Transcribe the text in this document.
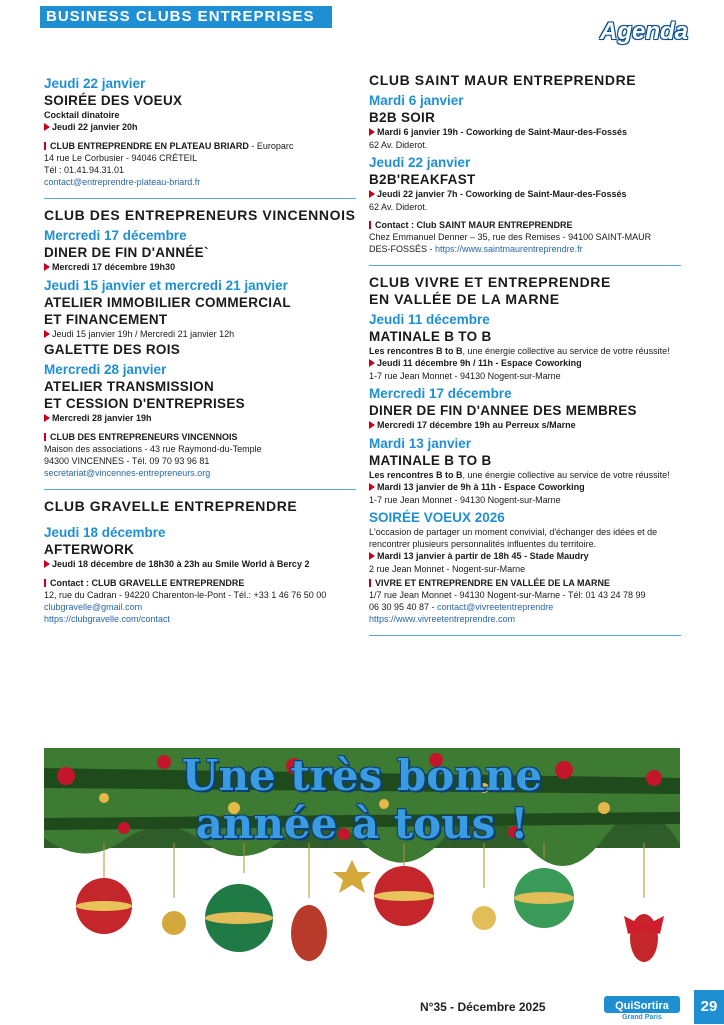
BUSINESS CLUBS ENTREPRISES
Agenda
Jeudi 22 janvier
SOIRÉE DES VOEUX
Cocktail dinatoire
Jeudi 22 janvier 20h
CLUB ENTREPRENDRE EN PLATEAU BRIARD - Europarc
14 rue Le Corbusier - 94046 CRÉTEIL
Tél : 01.41.94.31.01
contact@entreprendre-plateau-briard.fr
CLUB DES ENTREPRENEURS VINCENNOIS
Mercredi 17 décembre
DINER DE FIN D'ANNÉE`
Mercredi 17 décembre 19h30
Jeudi 15 janvier et mercredi 21 janvier
ATELIER IMMOBILIER COMMERCIAL
ET FINANCEMENT
Jeudi 15 janvier 19h / Mercredi 21 janvier 12h
GALETTE DES ROIS
Mercredi 28 janvier
ATELIER TRANSMISSION
ET CESSION D'ENTREPRISES
Mercredi 28 janvier 19h
CLUB DES ENTREPRENEURS VINCENNOIS
Maison des associations - 43 rue Raymond-du-Temple
94300 VINCENNES - Tél. 09 70 93 96 81
secretariat@vincennes-entrepreneurs.org
CLUB GRAVELLE ENTREPRENDRE
Jeudi 18 décembre
AFTERWORK
Jeudi 18 décembre de 18h30 à 23h au Smile World à Bercy 2
Contact : CLUB GRAVELLE ENTREPRENDRE
12, rue du Cadran - 94220 Charenton-le-Pont - Tél.: +33 1 46 76 50 00
clubgravelle@gmail.com
https://clubgravelle.com/contact
CLUB SAINT MAUR ENTREPRENDRE
Mardi 6 janvier
B2B SOIR
Mardi 6 janvier 19h - Coworking de Saint-Maur-des-Fossés
62 Av. Diderot.
Jeudi 22 janvier
B2B'REAKFAST
Jeudi 22 janvier 7h - Coworking de Saint-Maur-des-Fossés
62 Av. Diderot.
Contact : Club SAINT MAUR ENTREPRENDRE
Chez Emmanuel Denner – 35, rue des Remises - 94100 SAINT-MAUR
DES-FOSSÉS - https://www.saintmaurentreprendre.fr
CLUB VIVRE ET ENTREPRENDRE
EN VALLÉE DE LA MARNE
Jeudi 11 décembre
MATINALE B TO B
Les rencontres B to B, une énergie collective au service de votre réussite!
Jeudi 11 décembre 9h / 11h - Espace Coworking
1-7 rue Jean Monnet - 94130 Nogent-sur-Marne
Mercredi 17 décembre
DINER DE FIN D'ANNEE DES MEMBRES
Mercredi 17 décembre 19h au Perreux s/Marne
Mardi 13 janvier
MATINALE B TO B
Les rencontres B to B, une énergie collective au service de votre réussite!
Mardi 13 janvier de 9h à 11h - Espace Coworking
1-7 rue Jean Monnet - 94130 Nogent-sur-Marne
SOIRÉE VOEUX 2026
L'occasion de partager un moment convivial, d'échanger des idées et de
rencontrer plusieurs personnalités influentes du territoire.
Mardi 13 janvier à partir de 18h 45 - Stade Maudry
2 rue Jean Monnet - Nogent-sur-Marne
VIVRE ET ENTREPRENDRE EN VALLÉE DE LA MARNE
1/7 rue Jean Monnet - 94130 Nogent-sur-Marne - Tél: 01 43 24 78 99
06 30 95 40 87 - contact@vivreetentreprendre
https://www.vivreetentreprendre.com
Une très bonne
année à tous !
N°35 - Décembre 2025	QuiSortira
Grand Paris
29
